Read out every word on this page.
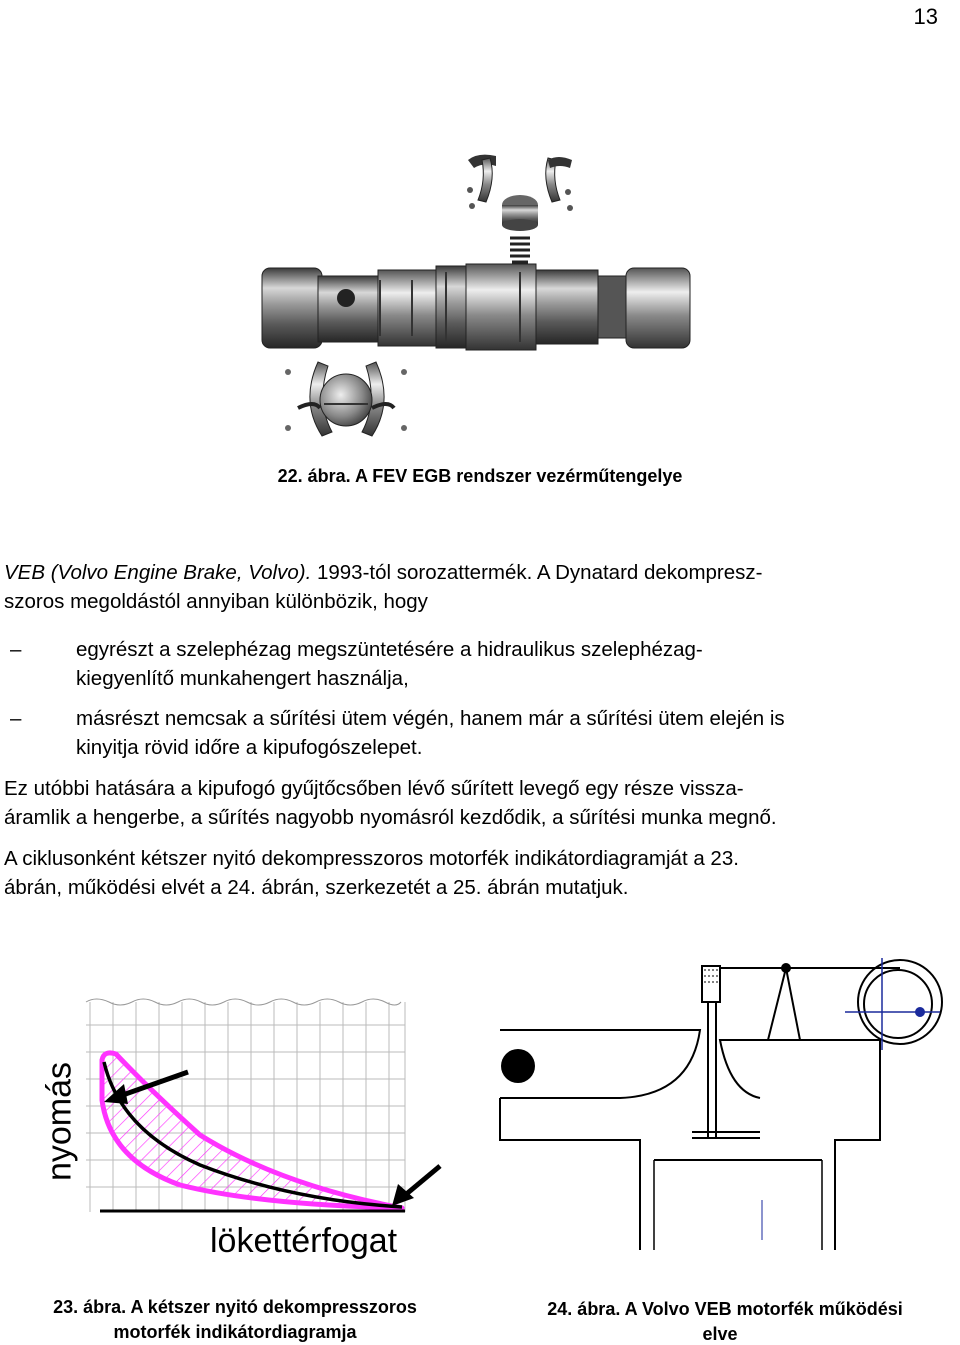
13
22. ábra. A FEV EGB rendszer vezérműtengelye
VEB (Volvo Engine Brake, Volvo). 1993-tól sorozattermék. A Dynatard dekompresz-
szoros megoldástól annyiban különbözik, hogy
–	egyrészt a szelephézag megszüntetésére a hidraulikus szelephézag-
kiegyenlítő munkahengert használja,
–	másrészt nemcsak a sűrítési ütem végén, hanem már a sűrítési ütem elején is
kinyitja rövid időre a kipufogószelepet.
Ez utóbbi hatására a kipufogó gyűjtőcsőben lévő sűrített levegő egy része vissza-
áramlik a hengerbe, a sűrítés nagyobb nyomásról kezdődik, a sűrítési munka megnő.
A ciklusonként kétszer nyitó dekompresszoros motorfék indikátordiagramját a 23.
ábrán, működési elvét a 24. ábrán, szerkezetét a 25. ábrán mutatjuk.
nyomás
lökettérfogat
23. ábra. A kétszer nyitó dekompresszoros
motorfék indikátordiagramja
24. ábra. A Volvo VEB motorfék működési
elve
